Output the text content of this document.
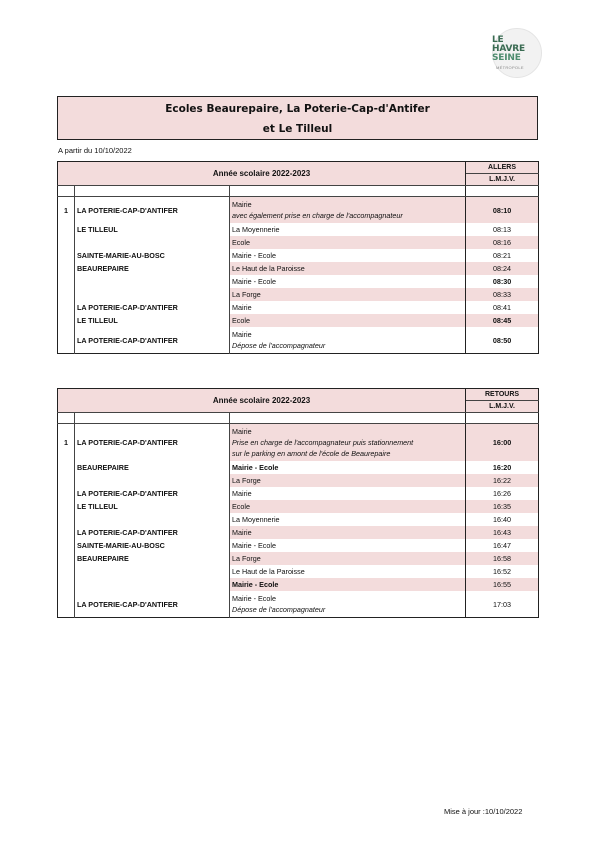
LE
HAVRE
SEINE
MÉTROPOLE
Ecoles Beaurepaire, La Poterie-Cap-d'Antifer
et Le Tilleul
A partir du 10/10/2022
Année scolaire 2022-2023			ALLERS
			L.M.J.V.

1	LA POTERIE-CAP-D'ANTIFER	Mairie
avec également prise en charge de l'accompagnateur	08:10
	LE TILLEUL	La Moyennerie	08:13

		Ecole	08:16
	SAINTE-MARIE-AU-BOSC	Mairie - Ecole	08:21
	BEAUREPAIRE	Le Haut de la Paroisse	08:24

		Mairie - Ecole	08:30

		La Forge	08:33
	LA POTERIE-CAP-D'ANTIFER	Mairie	08:41
	LE TILLEUL	Ecole	08:45
	LA POTERIE-CAP-D'ANTIFER	Mairie
Dépose de l'accompagnateur	08:50
Année scolaire 2022-2023			RETOURS
			L.M.J.V.

1	LA POTERIE-CAP-D'ANTIFER	Mairie
Prise en charge de l'accompagnateur puis stationnement
sur le parking en amont de l'école de Beaurepaire	16:00
	BEAUREPAIRE	Mairie - Ecole	16:20

		La Forge	16:22
	LA POTERIE-CAP-D'ANTIFER	Mairie	16:26
	LE TILLEUL	Ecole	16:35

		La Moyennerie	16:40
	LA POTERIE-CAP-D'ANTIFER	Mairie	16:43
	SAINTE-MARIE-AU-BOSC	Mairie - Ecole	16:47
	BEAUREPAIRE	La Forge	16:58

		Le Haut de la Paroisse	16:52

		Mairie - Ecole	16:55
	LA POTERIE-CAP-D'ANTIFER	Mairie - Ecole
Dépose de l'accompagnateur	17:03
Mise à jour :10/10/2022
